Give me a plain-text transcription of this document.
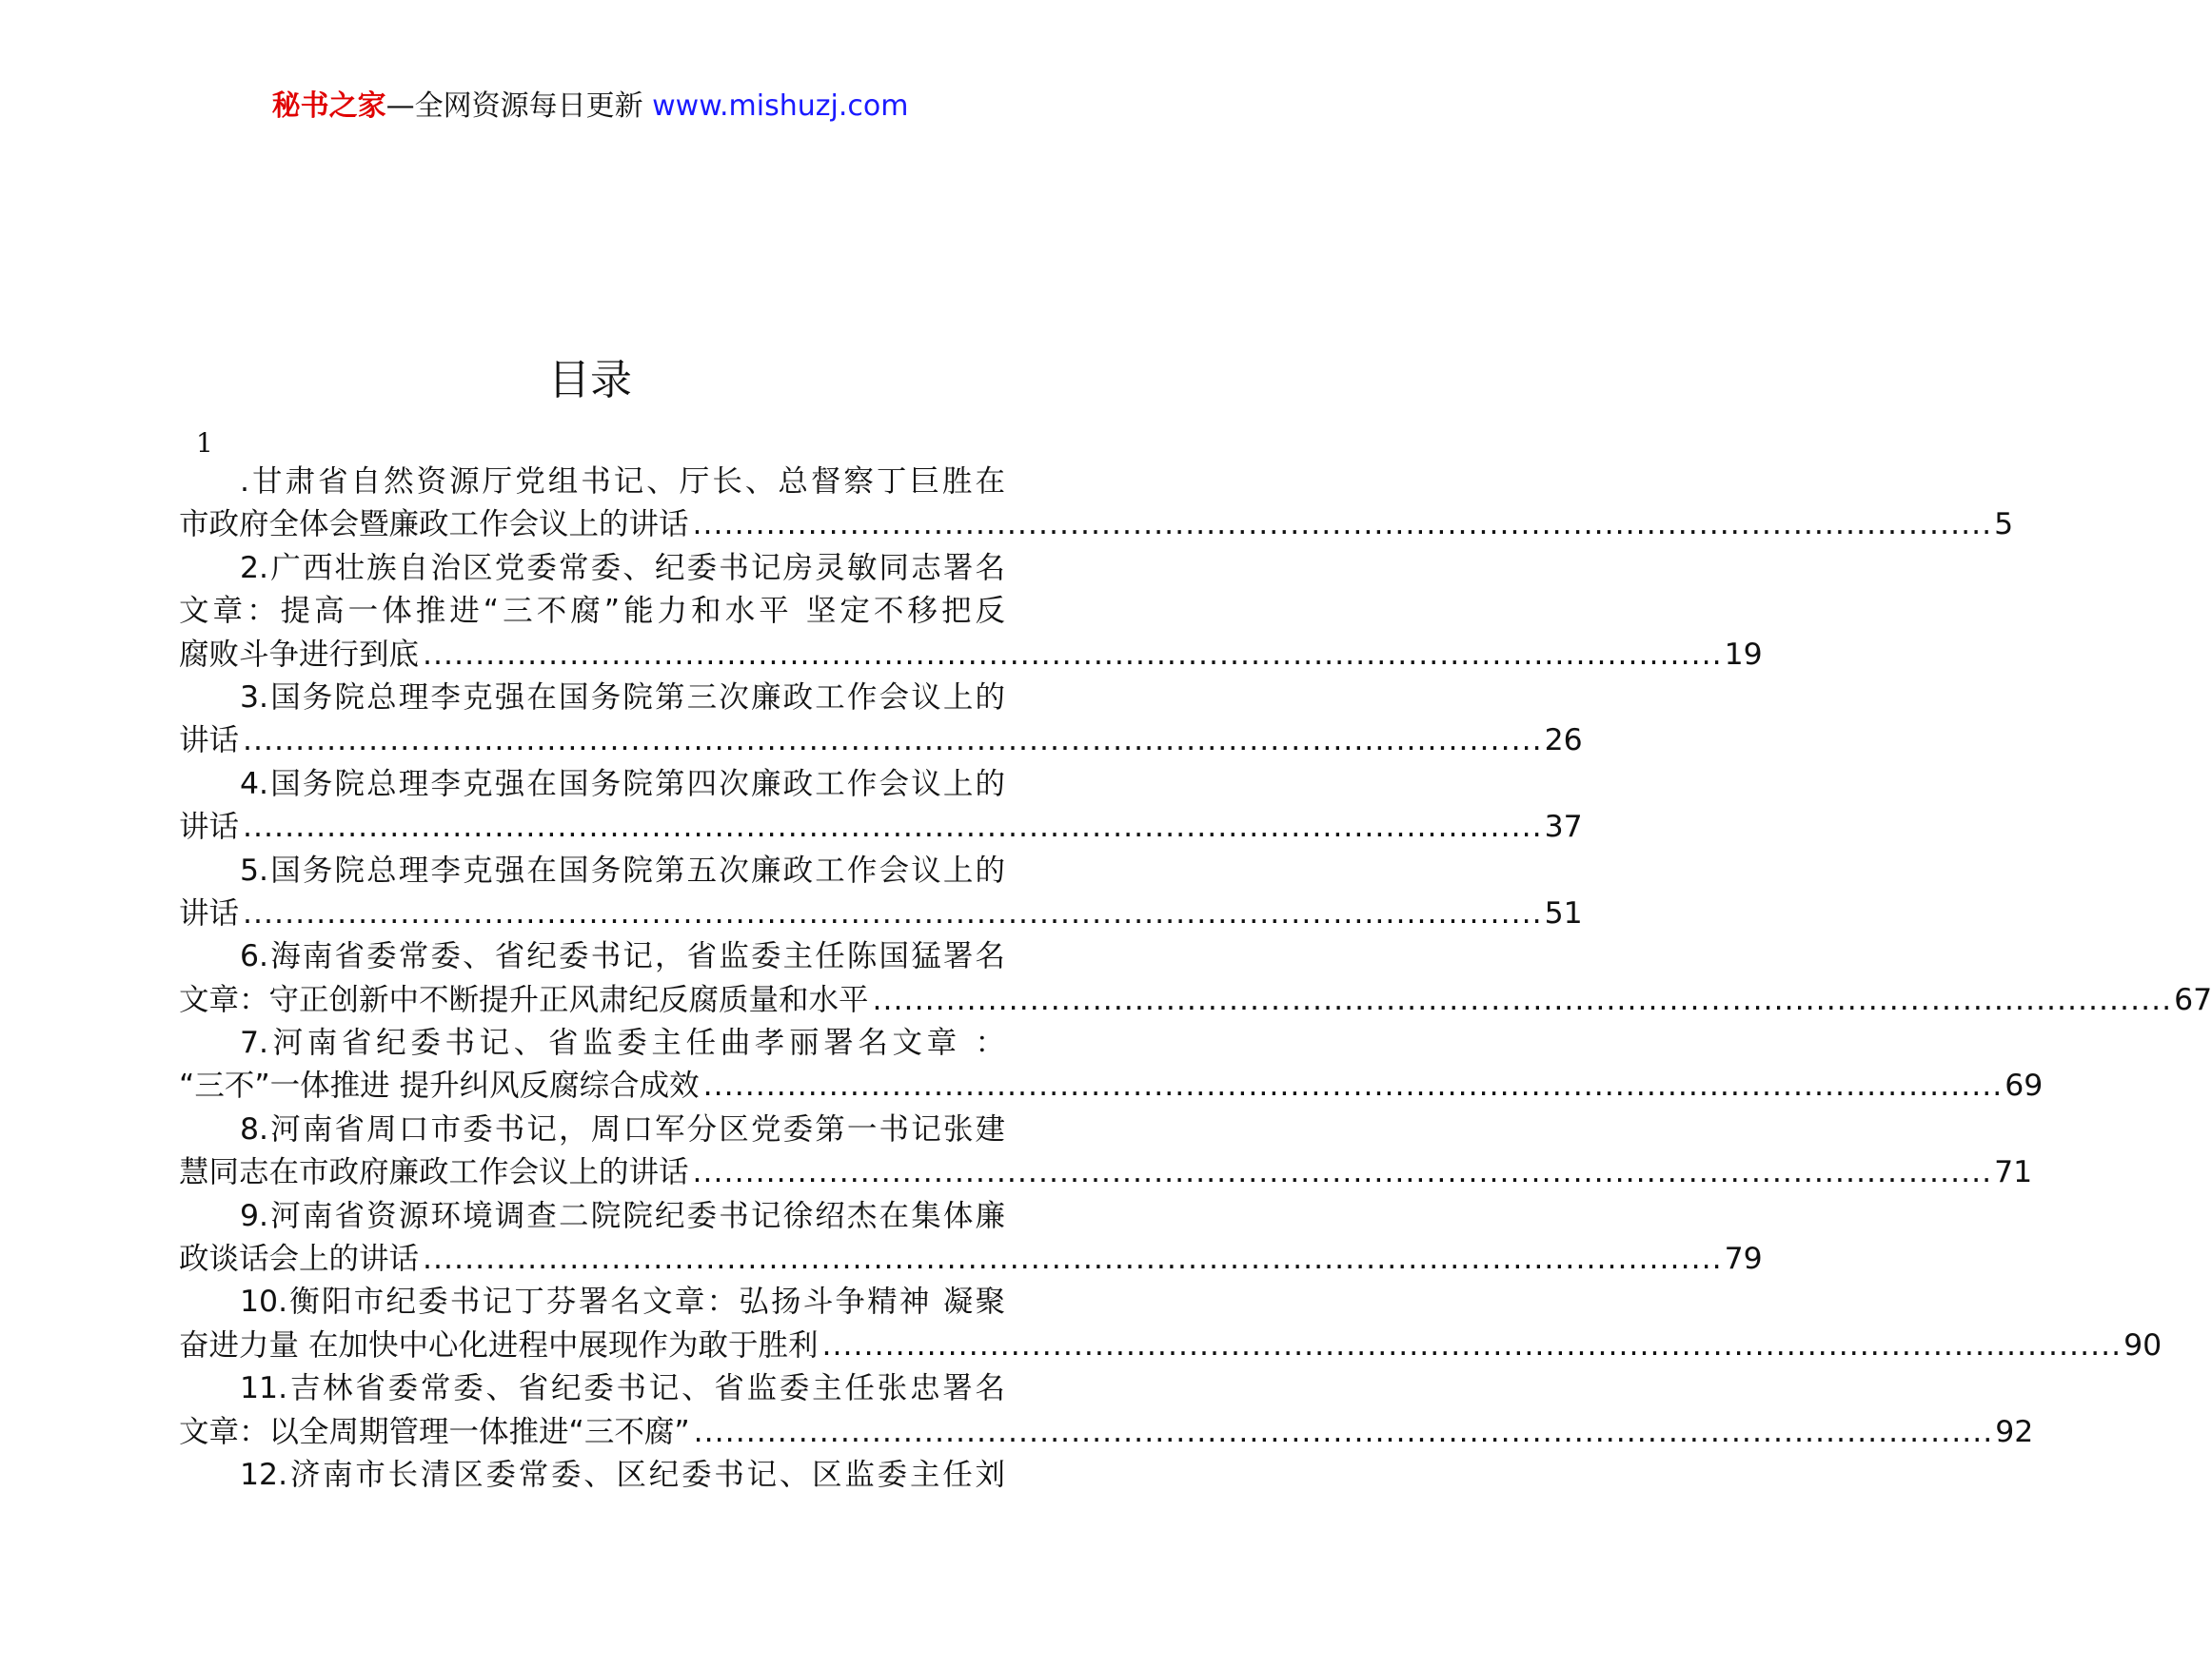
秘书之家—全网资源每日更新 www.mishuzj.com
目录
1
.甘肃省自然资源厅党组书记、厅长、总督察丁巨胜在
市政府全体会暨廉政工作会议上的讲话 ............................................................................................................................ 5
2.广西壮族自治区党委常委、纪委书记房灵敏同志署名
文章：提高一体推进“三不腐”能力和水平 坚定不移把反
腐败斗争进行到底 ............................................................................................................................ 19
3.国务院总理李克强在国务院第三次廉政工作会议上的
讲话 ............................................................................................................................ 26
4.国务院总理李克强在国务院第四次廉政工作会议上的
讲话 ............................................................................................................................ 37
5.国务院总理李克强在国务院第五次廉政工作会议上的
讲话 ............................................................................................................................ 51
6.海南省委常委、省纪委书记，省监委主任陈国猛署名
文章：守正创新中不断提升正风肃纪反腐质量和水平 ............................................................................................................................ 67
7.河南省纪委书记、省监委主任曲孝丽署名文章 ：
“三不”一体推进 提升纠风反腐综合成效 ............................................................................................................................ 69
8.河南省周口市委书记，周口军分区党委第一书记张建
慧同志在市政府廉政工作会议上的讲话 ............................................................................................................................ 71
9.河南省资源环境调查二院院纪委书记徐绍杰在集体廉
政谈话会上的讲话 ............................................................................................................................ 79
10.衡阳市纪委书记丁芬署名文章：弘扬斗争精神 凝聚
奋进力量 在加快中心化进程中展现作为敢于胜利 ............................................................................................................................ 90
11.吉林省委常委、省纪委书记、省监委主任张忠署名
文章：以全周期管理一体推进“三不腐” ............................................................................................................................ 92
12.济南市长清区委常委、区纪委书记、区监委主任刘
